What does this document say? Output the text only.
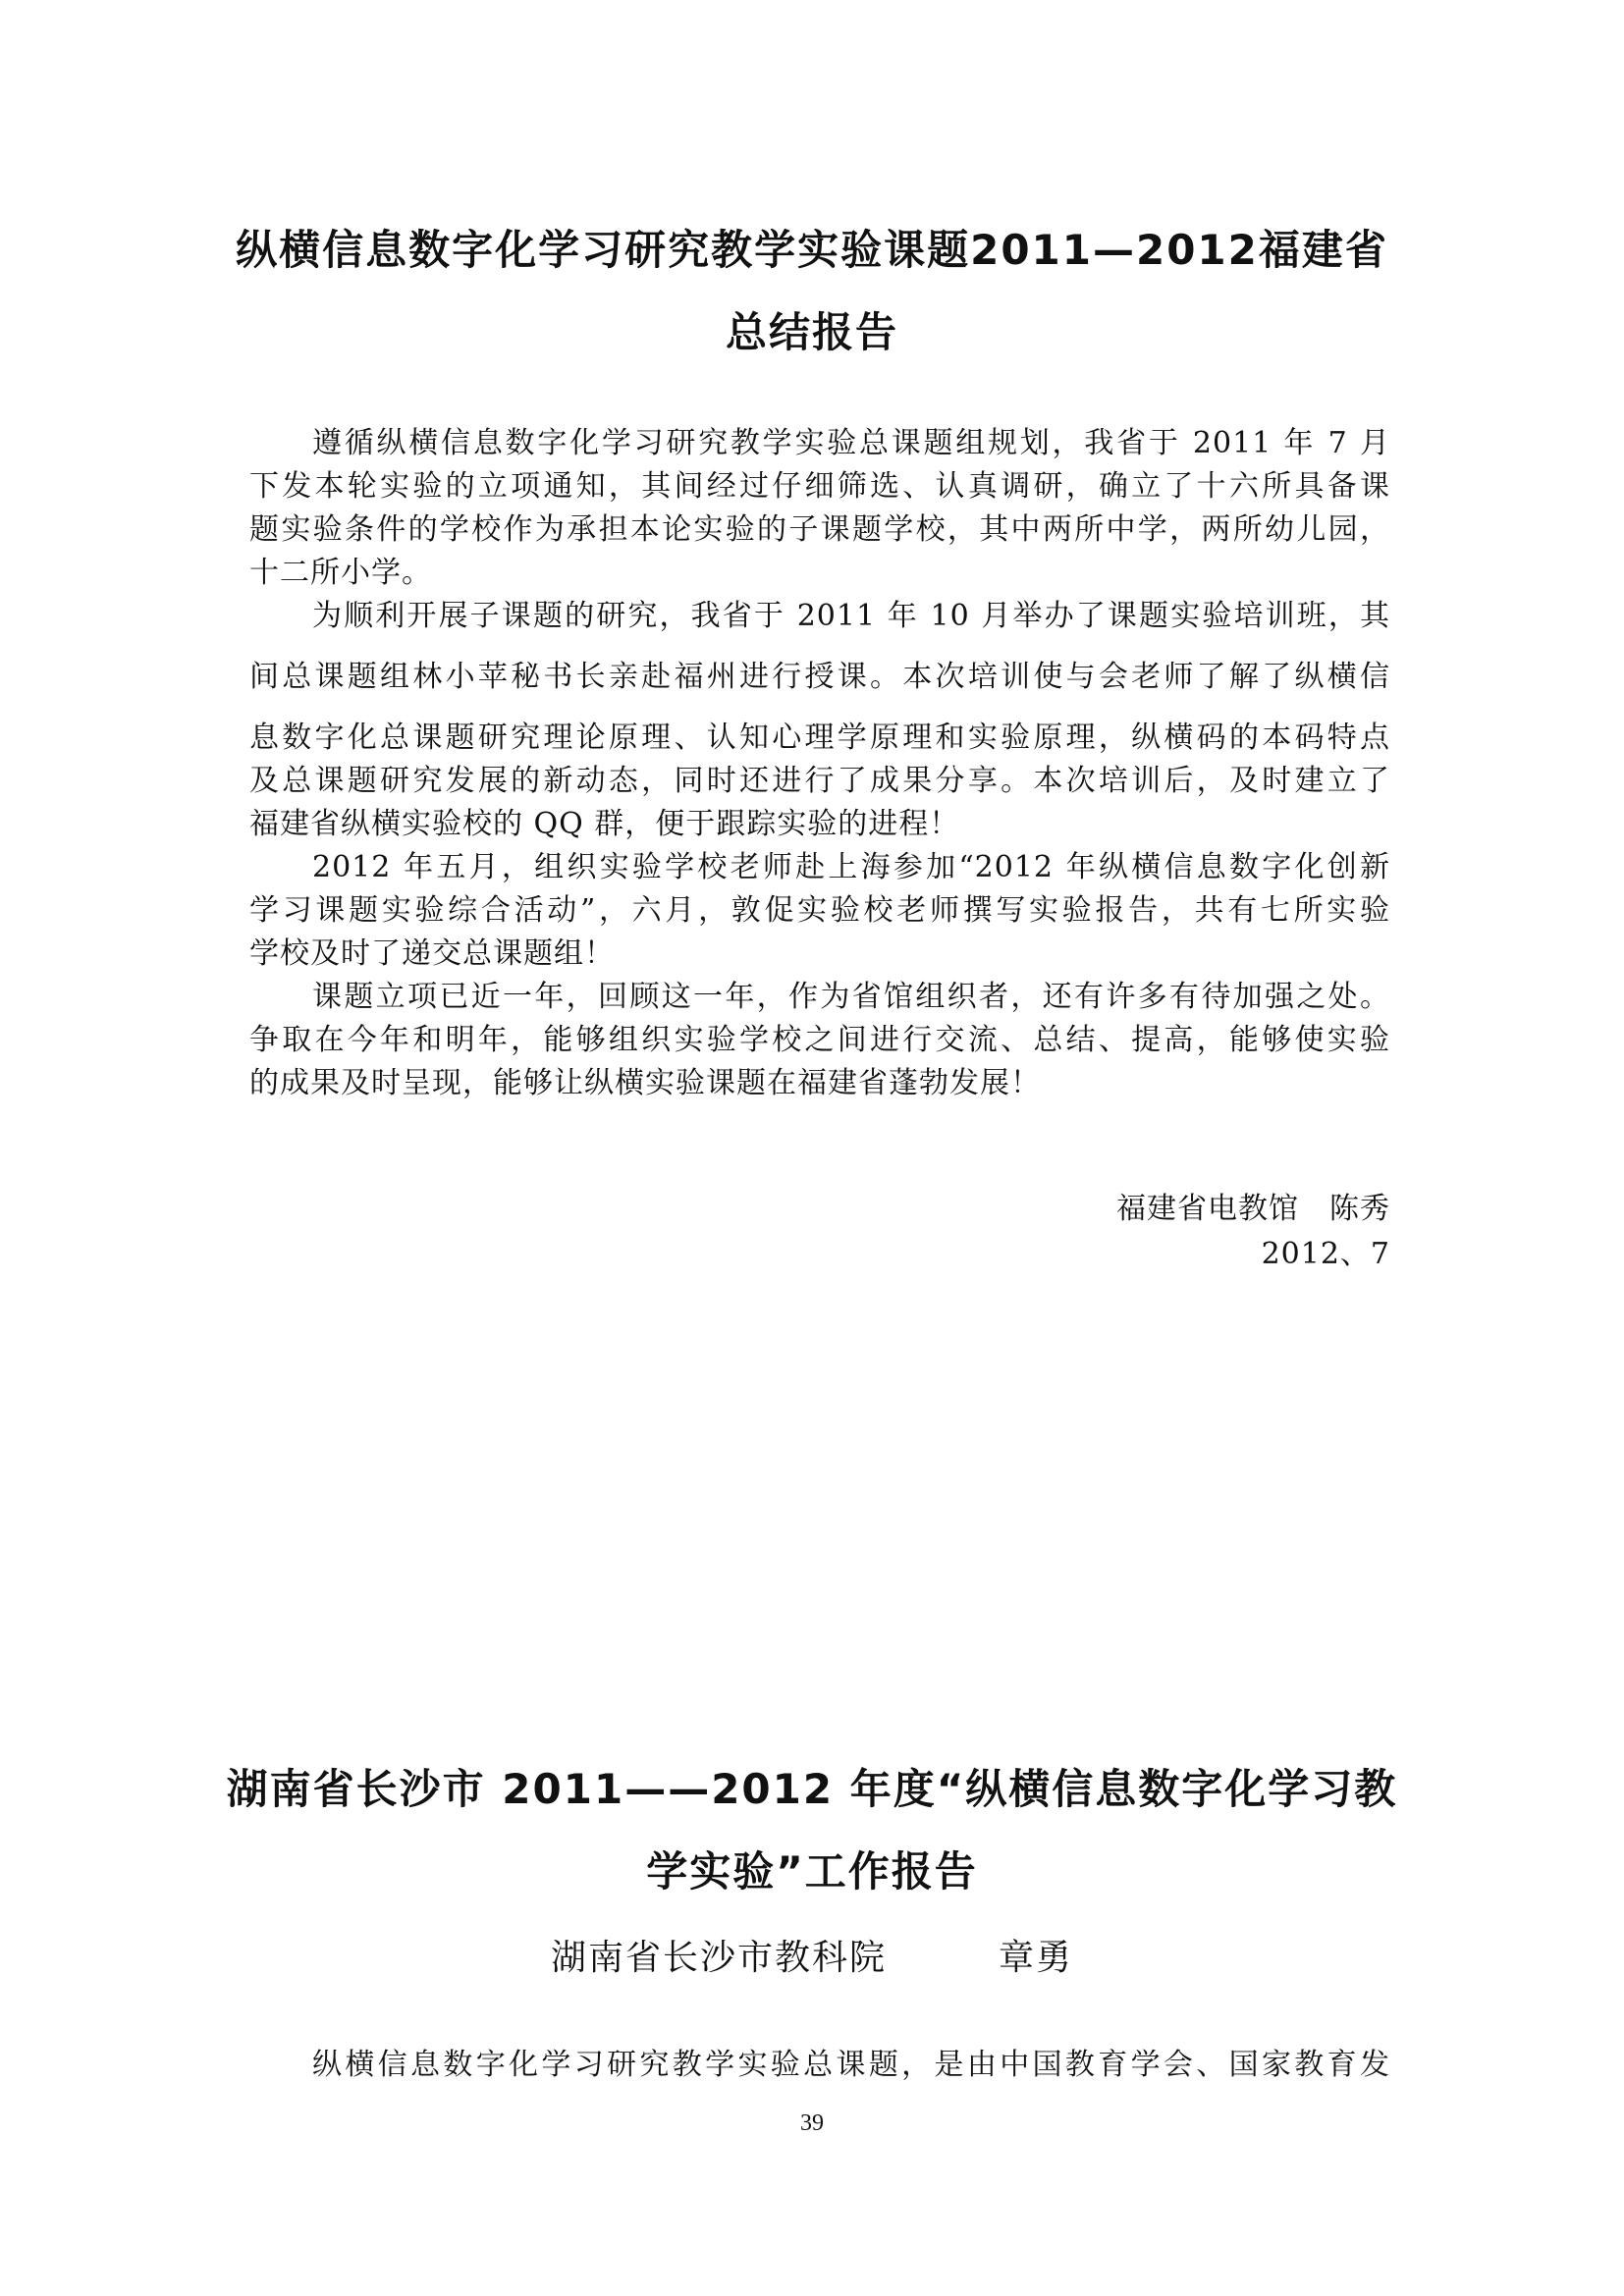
纵横信息数字化学习研究教学实验课题2011—2012福建省
总结报告
遵循纵横信息数字化学习研究教学实验总课题组规划，我省于 2011 年 7 月
下发本轮实验的立项通知，其间经过仔细筛选、认真调研，确立了十六所具备课
题实验条件的学校作为承担本论实验的子课题学校，其中两所中学，两所幼儿园，
十二所小学。
为顺利开展子课题的研究，我省于 2011 年 10 月举办了课题实验培训班，其
间总课题组林小苹秘书长亲赴福州进行授课。本次培训使与会老师了解了纵横信
息数字化总课题研究理论原理、认知心理学原理和实验原理，纵横码的本码特点
及总课题研究发展的新动态，同时还进行了成果分享。本次培训后，及时建立了
福建省纵横实验校的 QQ 群，便于跟踪实验的进程！
2012 年五月，组织实验学校老师赴上海参加“2012 年纵横信息数字化创新
学习课题实验综合活动”，六月，敦促实验校老师撰写实验报告，共有七所实验
学校及时了递交总课题组！
课题立项已近一年，回顾这一年，作为省馆组织者，还有许多有待加强之处。
争取在今年和明年，能够组织实验学校之间进行交流、总结、提高，能够使实验
的成果及时呈现，能够让纵横实验课题在福建省蓬勃发展！
福建省电教馆　陈秀
2012、7
湖南省长沙市 2011——2012 年度“纵横信息数字化学习教
学实验”工作报告
湖南省长沙市教科院　　　章勇
纵横信息数字化学习研究教学实验总课题，是由中国教育学会、国家教育发
39
